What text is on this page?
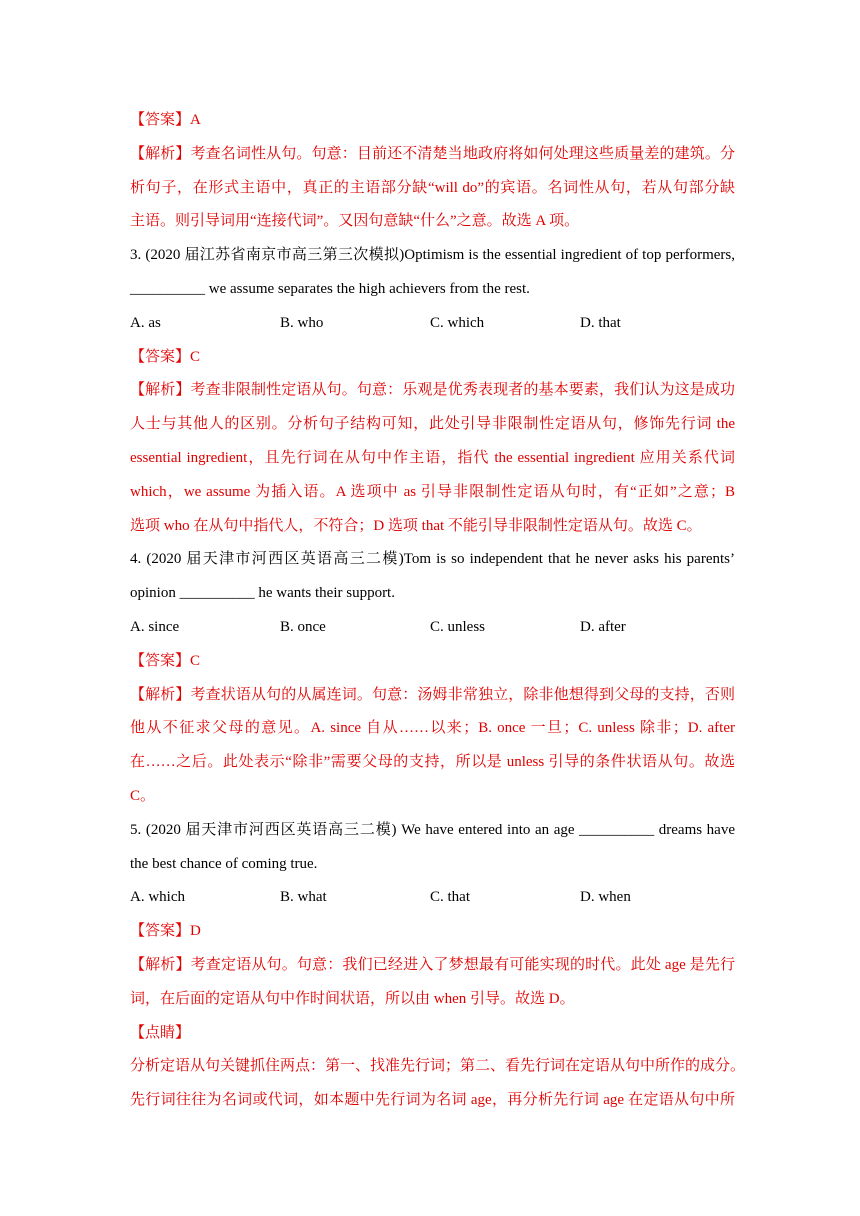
【答案】A
【解析】考查名词性从句。句意：目前还不清楚当地政府将如何处理这些质量差的建筑。分
析句子，在形式主语中，真正的主语部分缺“will do”的宾语。名词性从句，若从句部分缺
主语。则引导词用“连接代词”。又因句意缺“什么”之意。故选 A 项。
3. (2020 届江苏省南京市高三第三次模拟)Optimism is the essential ingredient of top performers,
__________ we assume separates the high achievers from the rest.
A. as	B. who	C. which	D. that
【答案】C
【解析】考查非限制性定语从句。句意：乐观是优秀表现者的基本要素，我们认为这是成功
人士与其他人的区别。分析句子结构可知，此处引导非限制性定语从句，修饰先行词 the
essential ingredient，且先行词在从句中作主语，指代 the essential ingredient 应用关系代词
which，we assume 为插入语。A 选项中 as 引导非限制性定语从句时，有“正如”之意；B
选项 who 在从句中指代人，不符合；D 选项 that 不能引导非限制性定语从句。故选 C。
4. (2020 届天津市河西区英语高三二模)Tom is so independent that he never asks his parents’
opinion __________ he wants their support.
A. since	B. once	C. unless	D. after
【答案】C
【解析】考查状语从句的从属连词。句意：汤姆非常独立，除非他想得到父母的支持，否则
他从不征求父母的意见。A. since 自从……以来；B. once 一旦；C. unless 除非；D. after
在……之后。此处表示“除非”需要父母的支持，所以是 unless 引导的条件状语从句。故选
C。
5. (2020 届天津市河西区英语高三二模) We have entered into an age __________ dreams have
the best chance of coming true.
A. which	B. what	C. that	D. when
【答案】D
【解析】考查定语从句。句意：我们已经进入了梦想最有可能实现的时代。此处 age 是先行
词，在后面的定语从句中作时间状语，所以由 when 引导。故选 D。
【点睛】
分析定语从句关键抓住两点：第一、找准先行词；第二、看先行词在定语从句中所作的成分。
先行词往往为名词或代词，如本题中先行词为名词 age，再分析先行词 age 在定语从句中所
